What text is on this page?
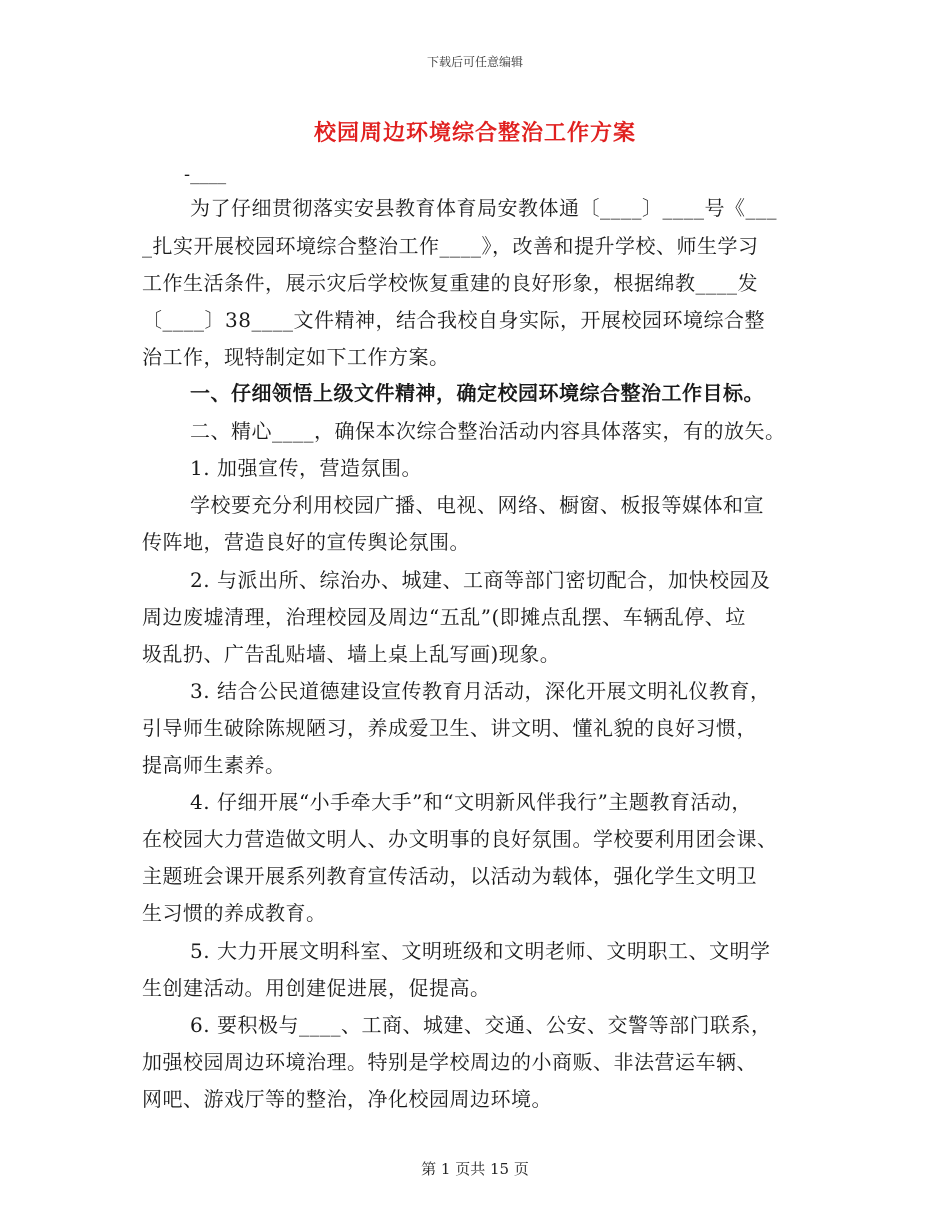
下载后可任意编辑
校园周边环境综合整治工作方案
-____
为了仔细贯彻落实安县教育体育局安教体通〔____〕____号《___
_扎实开展校园环境综合整治工作____》，改善和提升学校、师生学习
工作生活条件，展示灾后学校恢复重建的良好形象，根据绵教____发
〔____〕38____文件精神，结合我校自身实际，开展校园环境综合整
治工作，现特制定如下工作方案。
一、仔细领悟上级文件精神，确定校园环境综合整治工作目标。
二、精心____，确保本次综合整治活动内容具体落实，有的放矢。
1. 加强宣传，营造氛围。
学校要充分利用校园广播、电视、网络、橱窗、板报等媒体和宣
传阵地，营造良好的宣传舆论氛围。
2. 与派出所、综治办、城建、工商等部门密切配合，加快校园及
周边废墟清理，治理校园及周边“五乱”(即摊点乱摆、车辆乱停、垃
圾乱扔、广告乱贴墙、墙上桌上乱写画)现象。
3. 结合公民道德建设宣传教育月活动，深化开展文明礼仪教育，
引导师生破除陈规陋习，养成爱卫生、讲文明、懂礼貌的良好习惯，
提高师生素养。
4. 仔细开展“小手牵大手”和“文明新风伴我行”主题教育活动，
在校园大力营造做文明人、办文明事的良好氛围。学校要利用团会课、
主题班会课开展系列教育宣传活动，以活动为载体，强化学生文明卫
生习惯的养成教育。
5. 大力开展文明科室、文明班级和文明老师、文明职工、文明学
生创建活动。用创建促进展，促提高。
6. 要积极与____、工商、城建、交通、公安、交警等部门联系，
加强校园周边环境治理。特别是学校周边的小商贩、非法营运车辆、
网吧、游戏厅等的整治，净化校园周边环境。
第 1 页共 15 页
